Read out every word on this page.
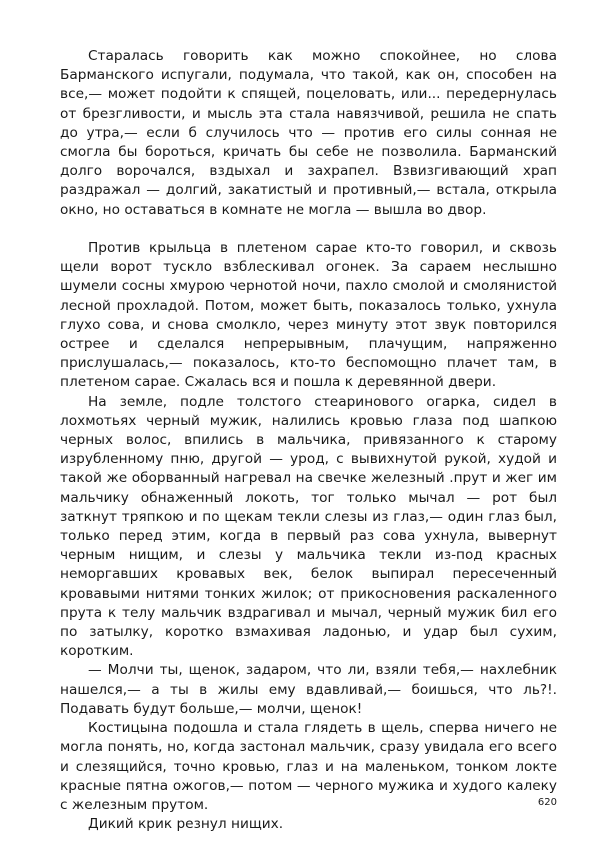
Старалась говорить как можно спокойнее, но слова Барманского испугали, подумала, что такой, как он, способен на все,— может подойти к спящей, поцеловать, или... передернулась от брезгливости, и мысль эта стала навязчивой, решила не спать до утра,— если б случилось что — против его силы сонная не смогла бы бороться, кричать бы себе не позволила. Барманский долго ворочался, вздыхал и захрапел. Взвизгивающий храп раздражал — долгий, закатистый и противный,— встала, открыла окно, но оставаться в комнате не могла — вышла во двор.

Против крыльца в плетеном сарае кто-то говорил, и сквозь щели ворот тускло взблескивал огонек. За сараем неслышно шумели сосны хмурою чернотой ночи, пахло смолой и смолянистой лесной прохладой. Потом, может быть, показалось только, ухнула глухо сова, и снова смолкло, через минуту этот звук повторился острее и сделался непрерывным, плачущим, напряженно прислушалась,— показалось, кто-то беспомощно плачет там, в плетеном сарае. Сжалась вся и пошла к деревянной двери.

На земле, подле толстого стеаринового огарка, сидел в лохмотьях черный мужик, налились кровью глаза под шапкою черных волос, впились в мальчика, привязанного к старому изрубленному пню, другой — урод, с вывихнутой рукой, худой и такой же оборванный нагревал на свечке железный .прут и жег им мальчику обнаженный локоть, тог только мычал — рот был заткнут тряпкою и по щекам текли слезы из глаз,— один глаз был, только перед этим, когда в первый раз сова ухнула, вывернут черным нищим, и слезы у мальчика текли из-под красных неморгавших кровавых век, белок выпирал пересеченный кровавыми нитями тонких жилок; от прикосновения раскаленного прута к телу мальчик вздрагивал и мычал, черный мужик бил его по затылку, коротко взмахивая ладонью, и удар был сухим, коротким.

— Молчи ты, щенок, задаром, что ли, взяли тебя,— нахлебник нашелся,— а ты в жилы ему вдавливай,— боишься, что ль?!. Подавать будут больше,— молчи, щенок!

Костицына подошла и стала глядеть в щель, сперва ничего не могла понять, но, когда застонал мальчик, сразу увидала его всего и слезящийся, точно кровью, глаз и на маленьком, тонком локте красные пятна ожогов,— потом — черного мужика и худого калеку с железным прутом.

Дикий крик резнул нищих.

620
